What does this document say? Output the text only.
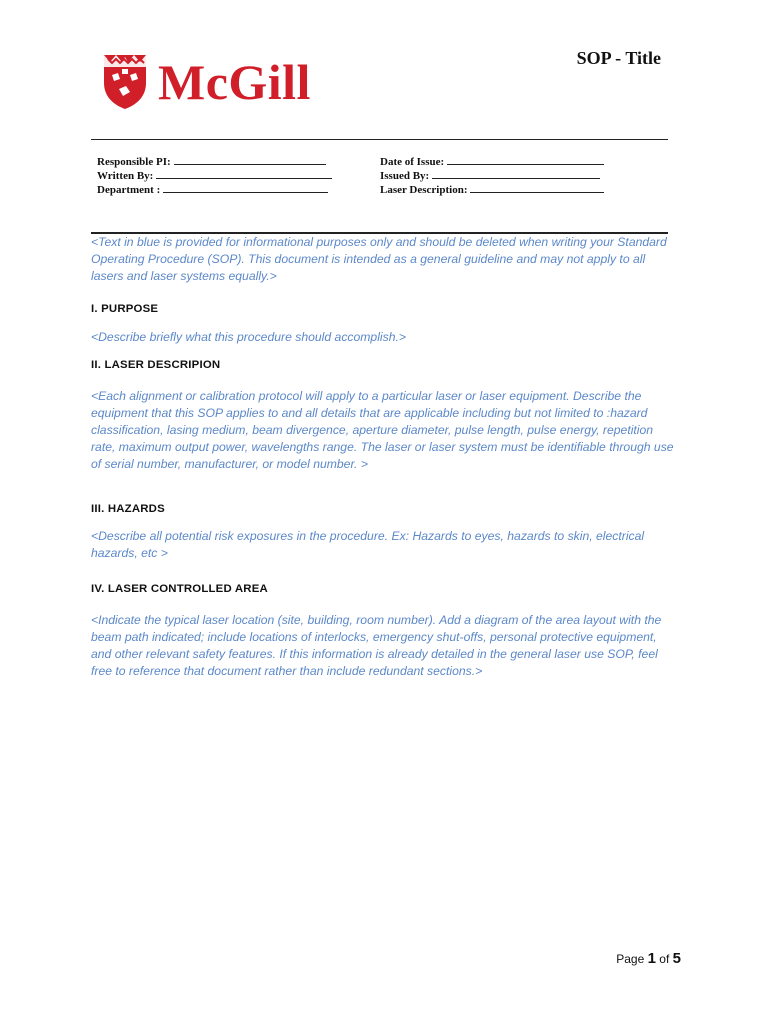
McGill	SOP - Title
Responsible PI:
Written By:
Department :
Date of Issue:
Issued By:
Laser Description:

<Text in blue is provided for informational purposes only and should be deleted when writing your Standard Operating Procedure (SOP). This document is intended as a general guideline and may not apply to all lasers and laser systems equally.>

I. PURPOSE

<Describe briefly what this procedure should accomplish.>

II. LASER DESCRIPION

<Each alignment or calibration protocol will apply to a particular laser or laser equipment. Describe the equipment that this SOP applies to and all details that are applicable including but not limited to :hazard classification, lasing medium, beam divergence, aperture diameter, pulse length, pulse energy, repetition rate, maximum output power, wavelengths range. The laser or laser system must be identifiable through use of serial number, manufacturer, or model number. >

III. HAZARDS

<Describe all potential risk exposures in the procedure. Ex: Hazards to eyes, hazards to skin, electrical hazards, etc >

IV. LASER CONTROLLED AREA

<Indicate the typical laser location (site, building, room number). Add a diagram of the area layout with the beam path indicated; include locations of interlocks, emergency shut-offs, personal protective equipment, and other relevant safety features. If this information is already detailed in the general laser use SOP, feel free to reference that document rather than include redundant sections.>

Page 1 of 5
